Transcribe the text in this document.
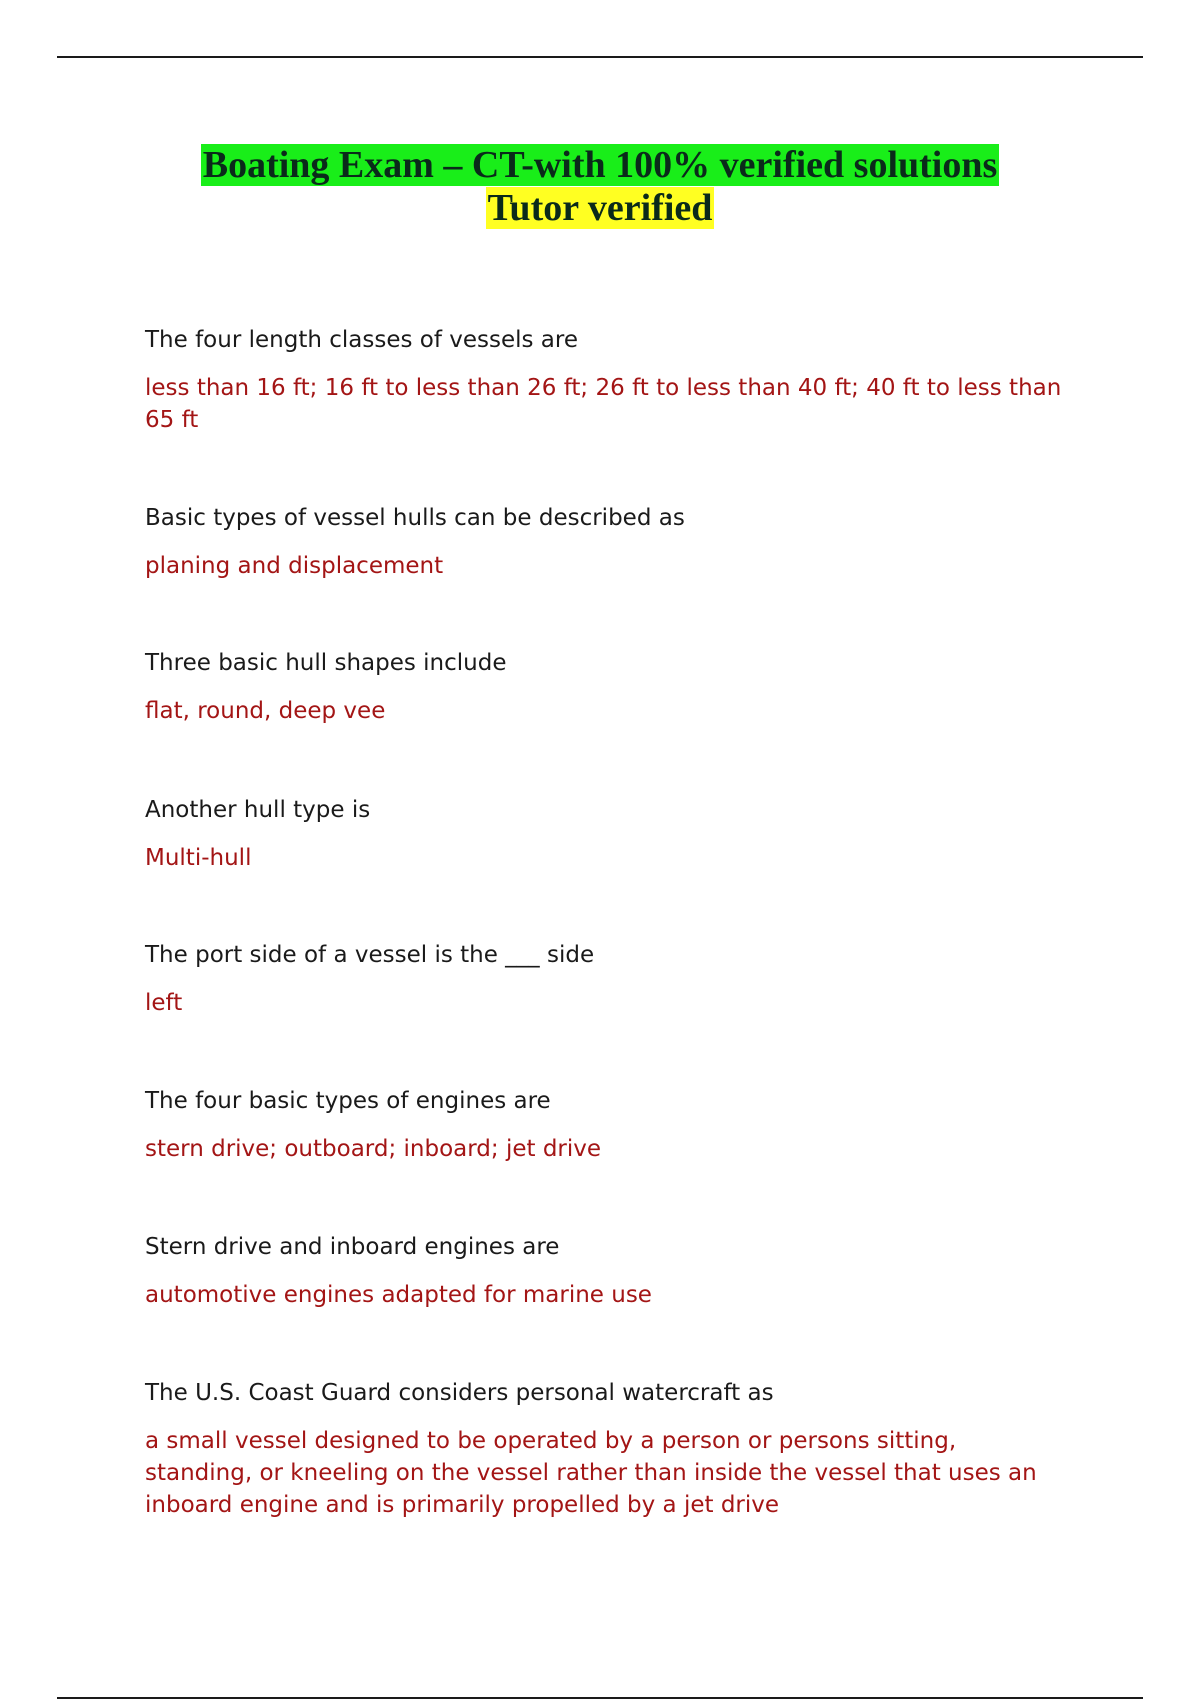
Boating Exam – CT-with 100% verified solutions
Tutor verified

The four length classes of vessels are

less than 16 ft; 16 ft to less than 26 ft; 26 ft to less than 40 ft; 40 ft to less than 65 ft

Basic types of vessel hulls can be described as

planing and displacement

Three basic hull shapes include

flat, round, deep vee

Another hull type is

Multi-hull

The port side of a vessel is the ___ side

left

The four basic types of engines are

stern drive; outboard; inboard; jet drive

Stern drive and inboard engines are

automotive engines adapted for marine use

The U.S. Coast Guard considers personal watercraft as

a small vessel designed to be operated by a person or persons sitting, standing, or kneeling on the vessel rather than inside the vessel that uses an inboard engine and is primarily propelled by a jet drive
